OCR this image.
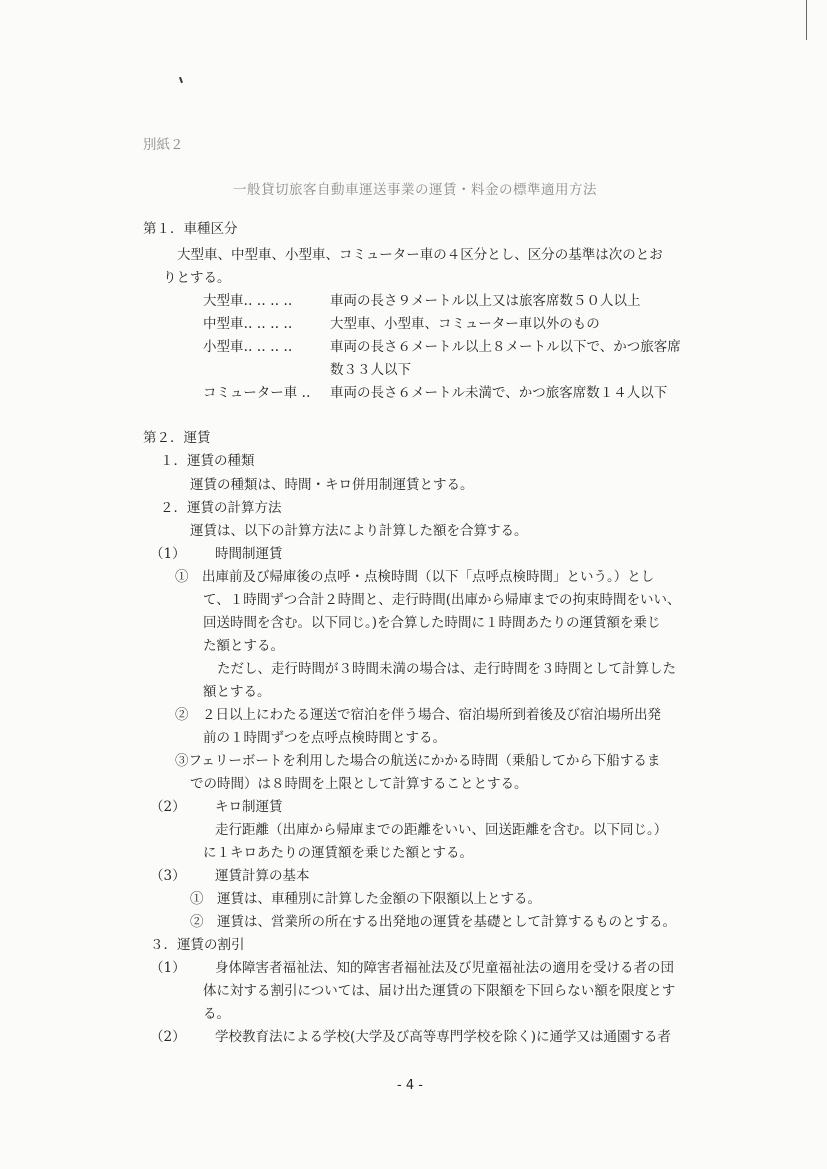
別紙２
一般貸切旅客自動車運送事業の運賃・料金の標準適用方法
第１．車種区分
大型車、中型車、小型車、コミューター車の４区分とし、区分の基準は次のとお
りとする。
大型車‥ ‥ ‥ ‥	車両の長さ９メートル以上又は旅客席数５０人以上
中型車‥ ‥ ‥ ‥	大型車、小型車、コミューター車以外のもの
小型車‥ ‥ ‥ ‥	車両の長さ６メートル以上８メートル以下で、かつ旅客席
数３３人以下
コミューター車 ‥ 車両の長さ６メートル未満で、かつ旅客席数１４人以下
第２．運賃
１．運賃の種類
運賃の種類は、時間・キロ併用制運賃とする。
２．運賃の計算方法
運賃は、以下の計算方法により計算した額を合算する。
（1） 時間制運賃
①　出庫前及び帰庫後の点呼・点検時間（以下「点呼点検時間」という。）とし
て、１時間ずつ合計２時間と、走行時間(出庫から帰庫までの拘束時間をいい、
回送時間を含む。以下同じ。)を合算した時間に１時間あたりの運賃額を乗じ
た額とする。
ただし、走行時間が３時間未満の場合は、走行時間を３時間として計算した
額とする。
②　２日以上にわたる運送で宿泊を伴う場合、宿泊場所到着後及び宿泊場所出発
前の１時間ずつを点呼点検時間とする。
③フェリーボートを利用した場合の航送にかかる時間（乗船してから下船するま
での時間）は８時間を上限として計算することとする。
（2） キロ制運賃
走行距離（出庫から帰庫までの距離をいい、回送距離を含む。以下同じ。）
に１キロあたりの運賃額を乗じた額とする。
（3） 運賃計算の基本
①　運賃は、車種別に計算した金額の下限額以上とする。
②　運賃は、営業所の所在する出発地の運賃を基礎として計算するものとする。
３．運賃の割引
（1） 身体障害者福祉法、知的障害者福祉法及び児童福祉法の適用を受ける者の団
体に対する割引については、届け出た運賃の下限額を下回らない額を限度とす
る。
（2） 学校教育法による学校(大学及び高等専門学校を除く)に通学又は通園する者
- 4 -
